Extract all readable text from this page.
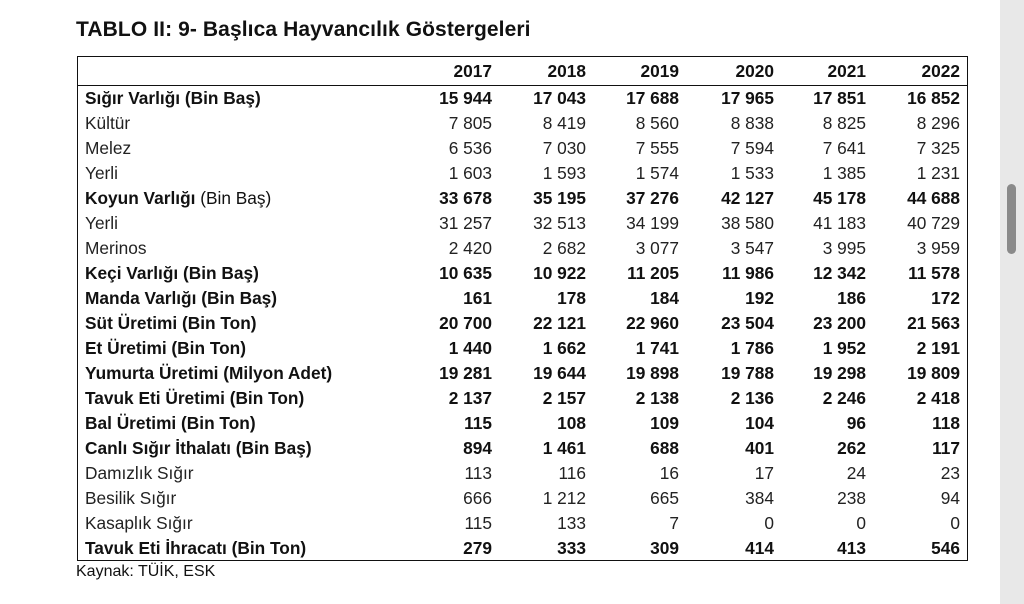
TABLO II: 9- Başlıca Hayvancılık Göstergeleri
	2017	2018	2019	2020	2021	2022
Sığır Varlığı (Bin Baş)	15 944	17 043	17 688	17 965	17 851	16 852
Kültür	7 805	8 419	8 560	8 838	8 825	8 296
Melez	6 536	7 030	7 555	7 594	7 641	7 325
Yerli	1 603	1 593	1 574	1 533	1 385	1 231
Koyun Varlığı (Bin Baş)	33 678	35 195	37 276	42 127	45 178	44 688
Yerli	31 257	32 513	34 199	38 580	41 183	40 729
Merinos	2 420	2 682	3 077	3 547	3 995	3 959
Keçi Varlığı (Bin Baş)	10 635	10 922	11 205	11 986	12 342	11 578
Manda Varlığı (Bin Baş)	161	178	184	192	186	172
Süt Üretimi (Bin Ton)	20 700	22 121	22 960	23 504	23 200	21 563
Et Üretimi (Bin Ton)	1 440	1 662	1 741	1 786	1 952	2 191
Yumurta Üretimi (Milyon Adet)	19 281	19 644	19 898	19 788	19 298	19 809
Tavuk Eti Üretimi (Bin Ton)	2 137	2 157	2 138	2 136	2 246	2 418
Bal Üretimi (Bin Ton)	115	108	109	104	96	118
Canlı Sığır İthalatı (Bin Baş)	894	1 461	688	401	262	117
Damızlık Sığır	113	116	16	17	24	23
Besilik Sığır	666	1 212	665	384	238	94
Kasaplık Sığır	115	133	7	0	0	0
Tavuk Eti İhracatı (Bin Ton)	279	333	309	414	413	546
Kaynak: TÜİK, ESK
